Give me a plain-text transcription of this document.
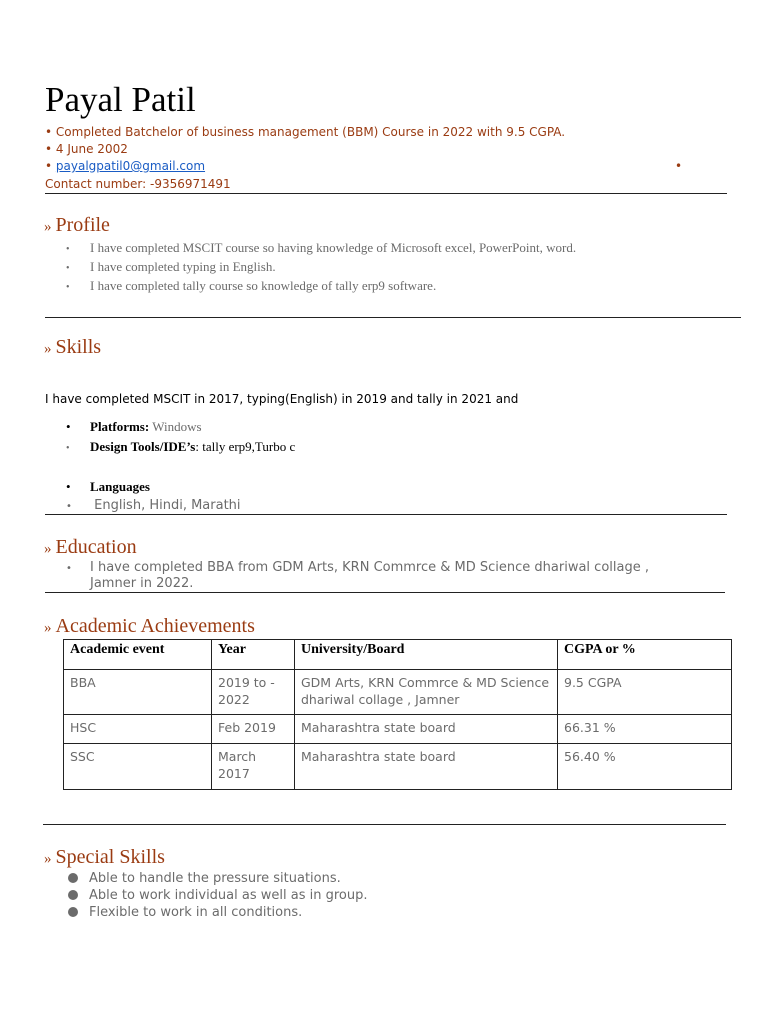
Payal Patil
• Completed Batchelor of business management (BBM) Course in 2022 with 9.5 CGPA.
• 4 June 2002
• payalgpatil0@gmail.com	•
Contact number: -9356971491
» Profile
• I have completed MSCIT course so having knowledge of Microsoft excel, PowerPoint, word.
• I have completed typing in English.
• I have completed tally course so knowledge of tally erp9 software.
» Skills
I have completed MSCIT in 2017, typing(English) in 2019 and tally in 2021 and
• Platforms: Windows
• Design Tools/IDE’s: tally erp9,Turbo c
• Languages
• English, Hindi, Marathi
» Education
• I have completed BBA from GDM Arts, KRN Commrce & MD Science dhariwal collage ,
Jamner in 2022.
» Academic Achievements
Academic event	Year	University/Board	CGPA or %
BBA	2019 to - 2022	GDM Arts, KRN Commrce & MD Science dhariwal collage , Jamner	9.5 CGPA
HSC	Feb 2019	Maharashtra state board	66.31 %
SSC	March 2017	Maharashtra state board	56.40 %
» Special Skills
Able to handle the pressure situations.
Able to work individual as well as in group.
Flexible to work in all conditions.
